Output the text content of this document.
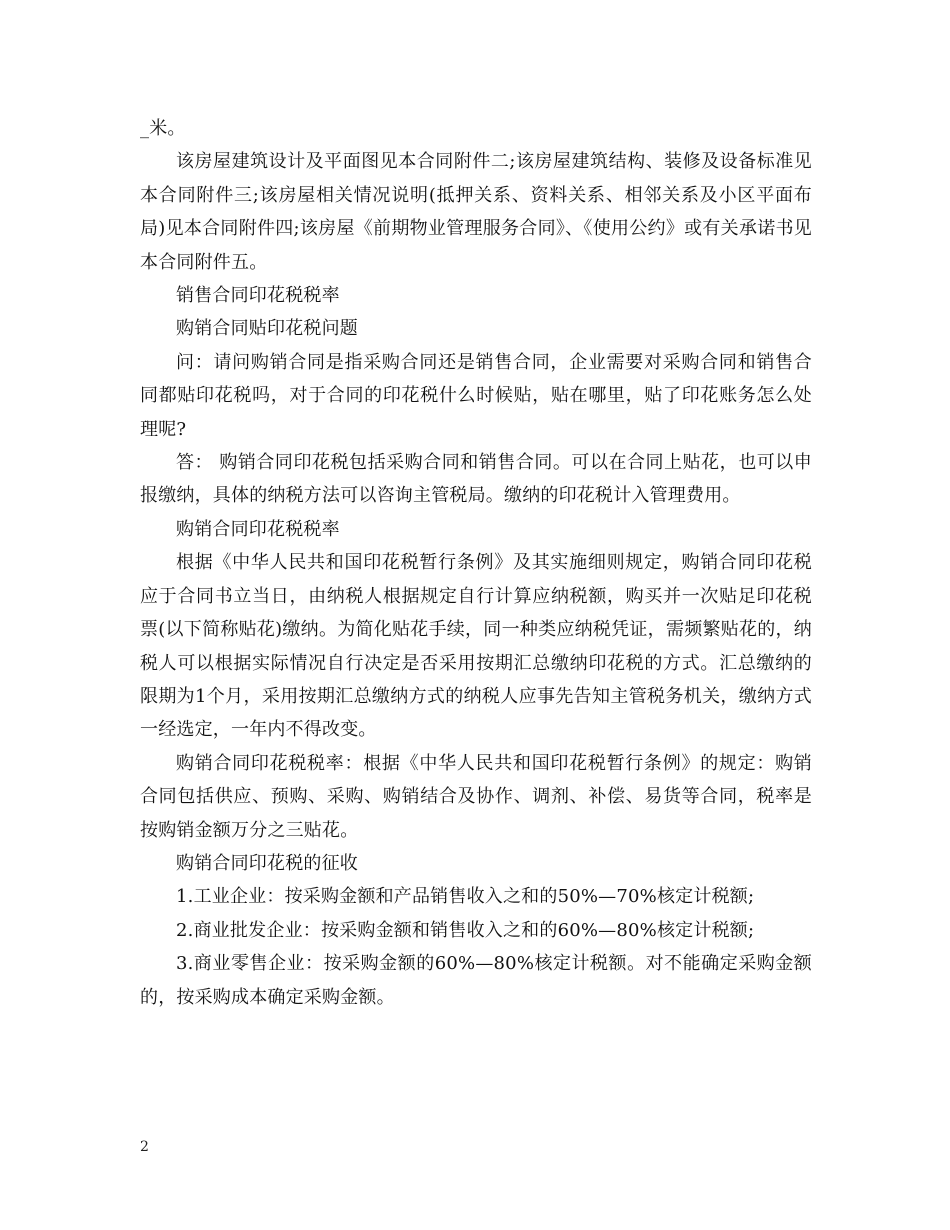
_米。

该房屋建筑设计及平面图见本合同附件二;该房屋建筑结构、装修及设备标准见本合同附件三;该房屋相关情况说明(抵押关系、资料关系、相邻关系及小区平面布局)见本合同附件四;该房屋《前期物业管理服务合同》、《使用公约》或有关承诺书见本合同附件五。

销售合同印花税税率

购销合同贴印花税问题

问：请问购销合同是指采购合同还是销售合同，企业需要对采购合同和销售合同都贴印花税吗，对于合同的印花税什么时候贴，贴在哪里，贴了印花账务怎么处理呢?

答： 购销合同印花税包括采购合同和销售合同。可以在合同上贴花，也可以申报缴纳，具体的纳税方法可以咨询主管税局。缴纳的印花税计入管理费用。

购销合同印花税税率

根据《中华人民共和国印花税暂行条例》及其实施细则规定，购销合同印花税应于合同书立当日，由纳税人根据规定自行计算应纳税额，购买并一次贴足印花税票(以下简称贴花)缴纳。为简化贴花手续，同一种类应纳税凭证，需频繁贴花的，纳税人可以根据实际情况自行决定是否采用按期汇总缴纳印花税的方式。汇总缴纳的限期为1个月，采用按期汇总缴纳方式的纳税人应事先告知主管税务机关，缴纳方式一经选定，一年内不得改变。

购销合同印花税税率：根据《中华人民共和国印花税暂行条例》的规定：购销合同包括供应、预购、采购、购销结合及协作、调剂、补偿、易货等合同，税率是按购销金额万分之三贴花。

购销合同印花税的征收

1.工业企业：按采购金额和产品销售收入之和的50%—70%核定计税额;

2.商业批发企业：按采购金额和销售收入之和的60%—80%核定计税额;

3.商业零售企业：按采购金额的60%—80%核定计税额。对不能确定采购金额的，按采购成本确定采购金额。

2
